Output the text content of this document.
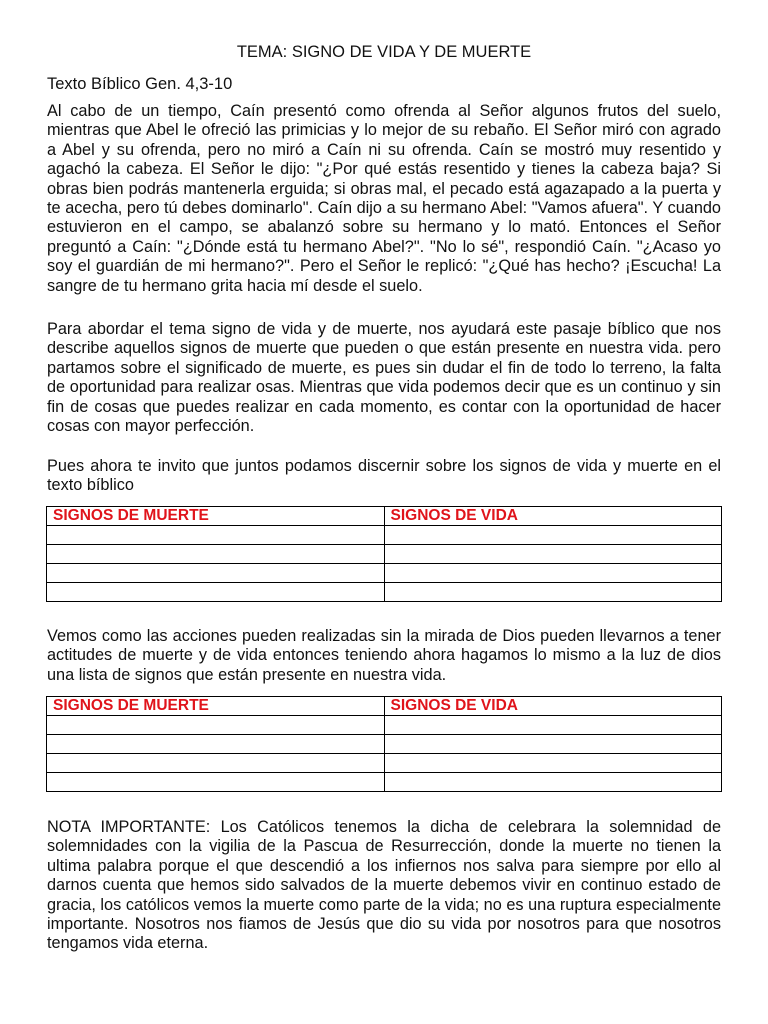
TEMA: SIGNO DE VIDA Y DE MUERTE
Texto Bíblico Gen. 4,3-10

Al cabo de un tiempo, Caín presentó como ofrenda al Señor algunos frutos del suelo, mientras que Abel le ofreció las primicias y lo mejor de su rebaño. El Señor miró con agrado a Abel y su ofrenda, pero no miró a Caín ni su ofrenda. Caín se mostró muy resentido y agachó la cabeza. El Señor le dijo: "¿Por qué estás resentido y tienes la cabeza baja? Si obras bien podrás mantenerla erguida; si obras mal, el pecado está agazapado a la puerta y te acecha, pero tú debes dominarlo". Caín dijo a su hermano Abel: "Vamos afuera". Y cuando estuvieron en el campo, se abalanzó sobre su hermano y lo mató. Entonces el Señor preguntó a Caín: "¿Dónde está tu hermano Abel?". "No lo sé", respondió Caín. "¿Acaso yo soy el guardián de mi hermano?". Pero el Señor le replicó: "¿Qué has hecho? ¡Escucha! La sangre de tu hermano grita hacia mí desde el suelo.

Para abordar el tema signo de vida y de muerte, nos ayudará este pasaje bíblico que nos describe aquellos signos de muerte que pueden o que están presente en nuestra vida. pero partamos sobre el significado de muerte, es pues sin dudar el fin de todo lo terreno, la falta de oportunidad para realizar osas. Mientras que vida podemos decir que es un continuo y sin fin de cosas que puedes realizar en cada momento, es contar con la oportunidad de hacer cosas con mayor perfección.

Pues ahora te invito que juntos podamos discernir sobre los signos de vida y muerte en el texto bíblico

SIGNOS DE MUERTE	SIGNOS DE VIDA

Vemos como las acciones pueden realizadas sin la mirada de Dios pueden llevarnos a tener actitudes de muerte y de vida entonces teniendo ahora hagamos lo mismo a la luz de dios una lista de signos que están presente en nuestra vida.

SIGNOS DE MUERTE	SIGNOS DE VIDA

NOTA IMPORTANTE: Los Católicos tenemos la dicha de celebrara la solemnidad de solemnidades con la vigilia de la Pascua de Resurrección, donde la muerte no tienen la ultima palabra porque el que descendió a los infiernos nos salva para siempre por ello al darnos cuenta que hemos sido salvados de la muerte debemos vivir en continuo estado de gracia, los católicos vemos la muerte como parte de la vida; no es una ruptura especialmente importante. Nosotros nos fiamos de Jesús que dio su vida por nosotros para que nosotros tengamos vida eterna.
